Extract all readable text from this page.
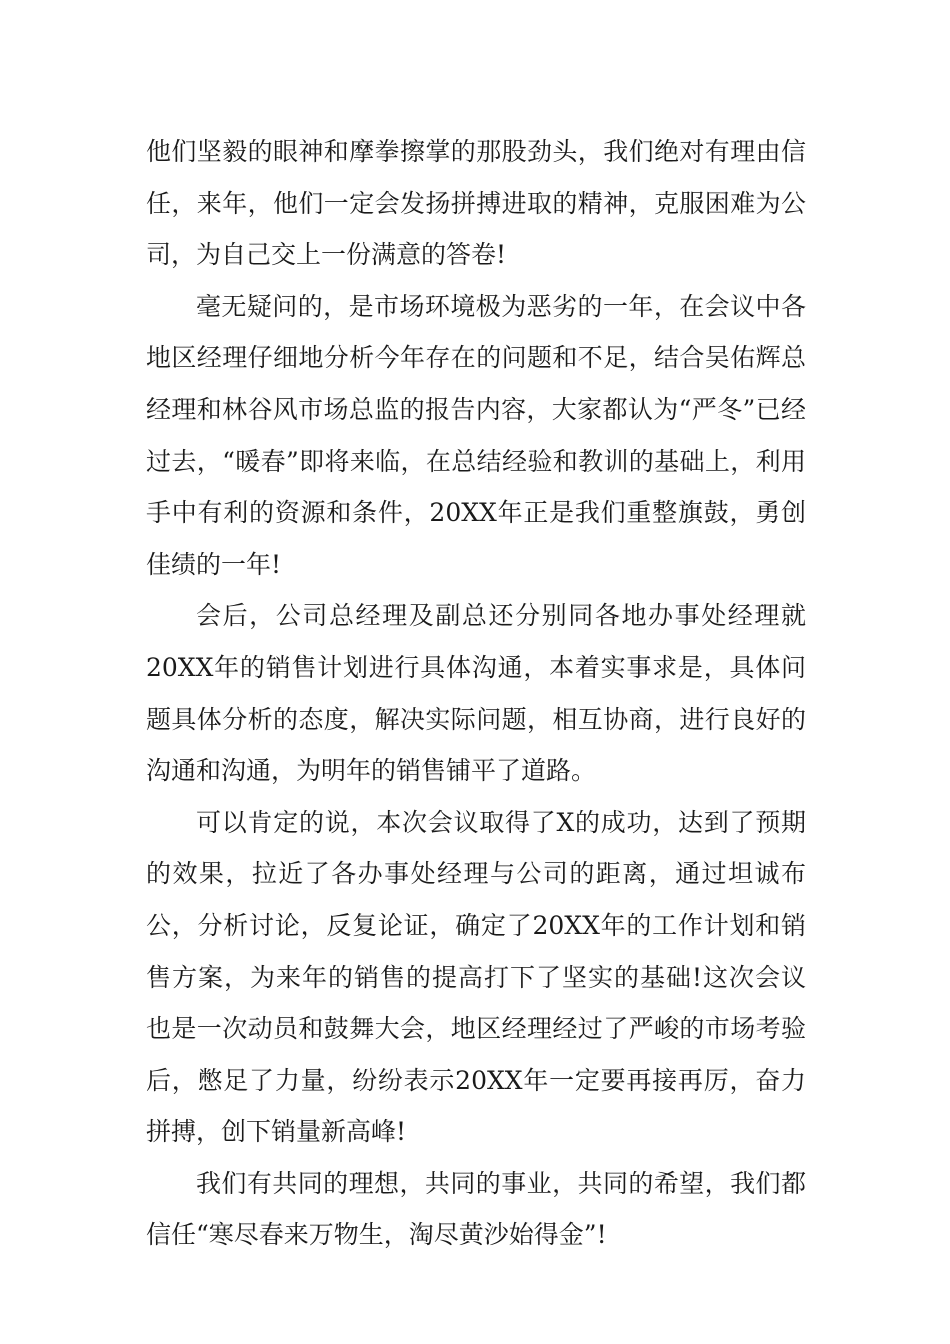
他们坚毅的眼神和摩拳擦掌的那股劲头，我们绝对有理由信任，来年，他们一定会发扬拼搏进取的精神，克服困难为公司，为自己交上一份满意的答卷!

毫无疑问的，是市场环境极为恶劣的一年，在会议中各地区经理仔细地分析今年存在的问题和不足，结合吴佑辉总经理和林谷风市场总监的报告内容，大家都认为“严冬”已经过去，“暖春”即将来临，在总结经验和教训的基础上，利用手中有利的资源和条件，20XX年正是我们重整旗鼓，勇创佳绩的一年!

会后，公司总经理及副总还分别同各地办事处经理就20XX年的销售计划进行具体沟通，本着实事求是，具体问题具体分析的态度，解决实际问题，相互协商，进行良好的沟通和沟通，为明年的销售铺平了道路。

可以肯定的说，本次会议取得了X的成功，达到了预期的效果，拉近了各办事处经理与公司的距离，通过坦诚布公，分析讨论，反复论证，确定了20XX年的工作计划和销售方案，为来年的销售的提高打下了坚实的基础!这次会议也是一次动员和鼓舞大会，地区经理经过了严峻的市场考验后，憋足了力量，纷纷表示20XX年一定要再接再厉，奋力拼搏，创下销量新高峰!

我们有共同的理想，共同的事业，共同的希望，我们都信任“寒尽春来万物生，淘尽黄沙始得金”!
